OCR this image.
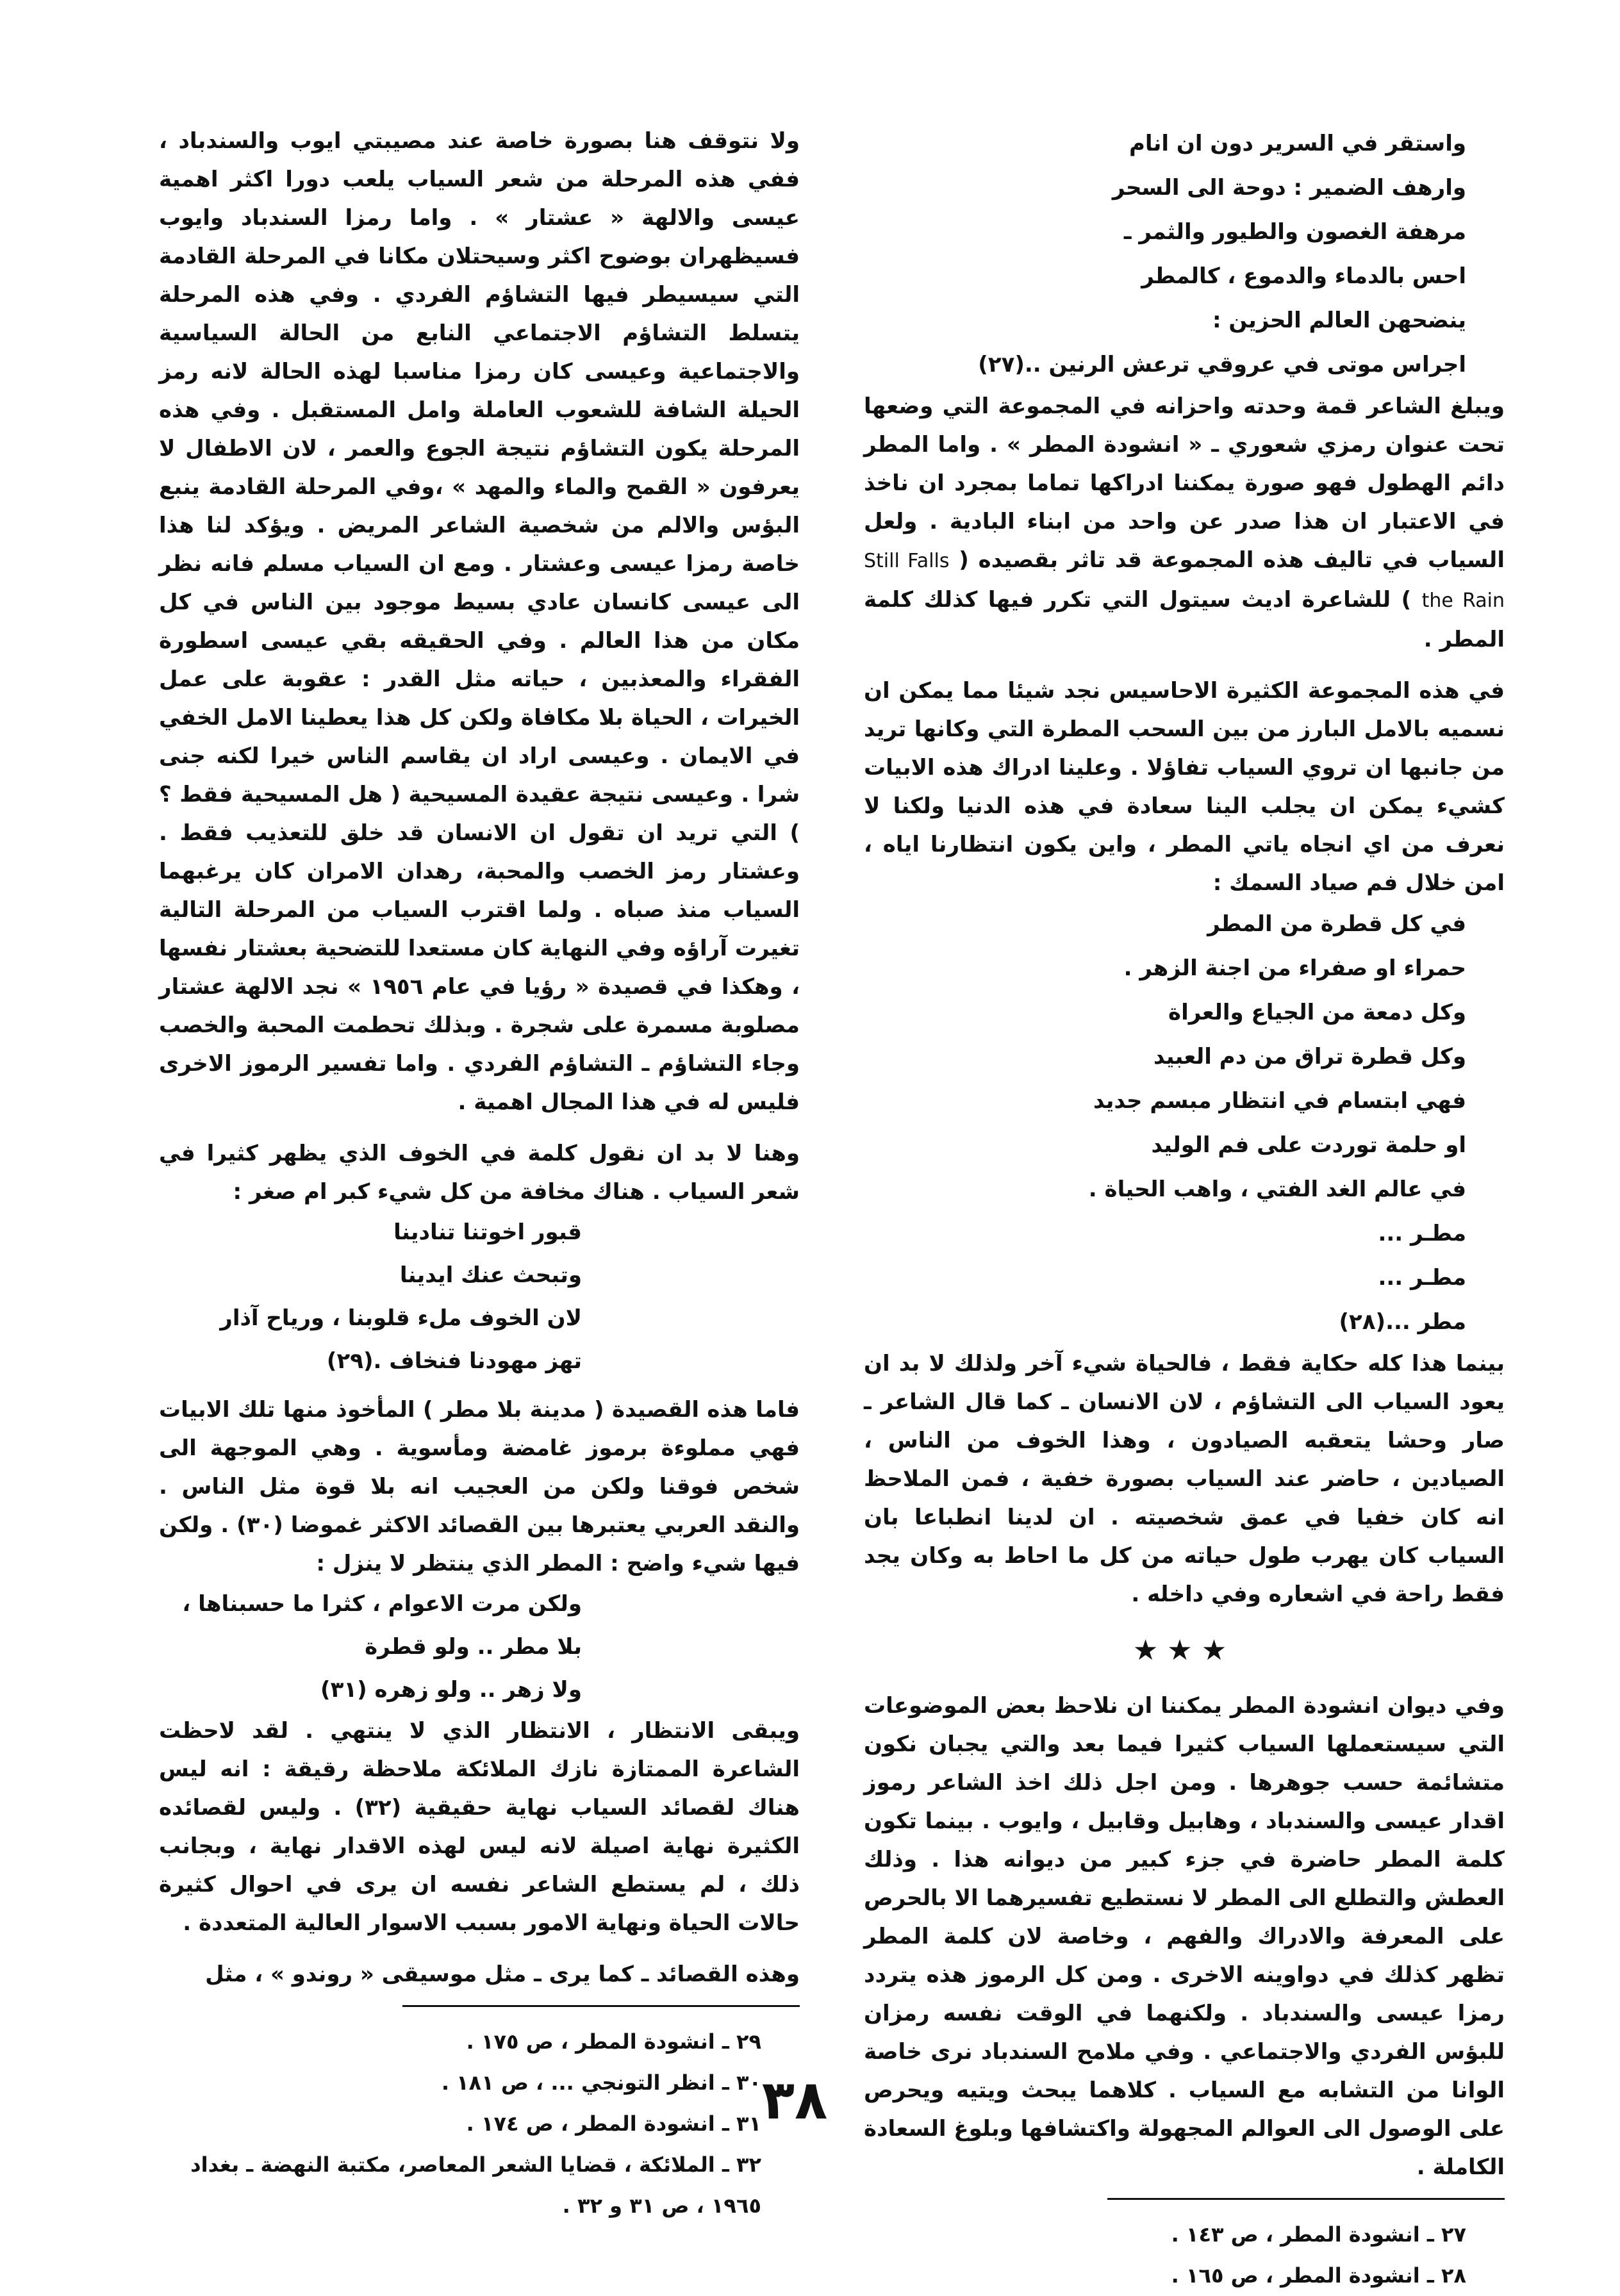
واستقر في السرير دون ان انام

وارهف الضمير : دوحة الى السحر

مرهفة الغصون والطيور والثمر ـ

احس بالدماء والدموع ، كالمطر

ينضحهن العالم الحزين :

اجراس موتى في عروقي ترعش الرنين ..(٢٧)

ويبلغ الشاعر قمة وحدته واحزانه في المجموعة التي وضعها تحت عنوان رمزي شعوري ـ « انشودة المطر » . واما المطر دائم الهطول فهو صورة يمكننا ادراكها تماما بمجرد ان ناخذ في الاعتبار ان هذا صدر عن واحد من ابناء البادية . ولعل السياب في تاليف هذه المجموعة قد تاثر بقصيده ( Still Falls the Rain ) للشاعرة اديث سيتول التي تكرر فيها كذلك كلمة المطر .

في هذه المجموعة الكثيرة الاحاسيس نجد شيئا مما يمكن ان نسميه بالامل البارز من بين السحب المطرة التي وكانها تريد من جانبها ان تروي السياب تفاؤلا . وعلينا ادراك هذه الابيات كشيء يمكن ان يجلب الينا سعادة في هذه الدنيا ولكنا لا نعرف من اي انجاه ياتي المطر ، واين يكون انتظارنا اياه ، امن خلال فم صياد السمك :

في كل قطرة من المطر

حمراء او صفراء من اجنة الزهر .

وكل دمعة من الجياع والعراة

وكل قطرة تراق من دم العبيد

فهي ابتسام في انتظار مبسم جديد

او حلمة توردت على فم الوليد

في عالم الغد الفتي ، واهب الحياة .

مطـر ...

مطـر ...

مطر ...(٢٨)

بينما هذا كله حكاية فقط ، فالحياة شيء آخر ولذلك لا بد ان يعود السياب الى التشاؤم ، لان الانسان ـ كما قال الشاعر ـ صار وحشا يتعقبه الصيادون ، وهذا الخوف من الناس ، الصيادين ، حاضر عند السياب بصورة خفية ، فمن الملاحظ انه كان خفيا في عمق شخصيته . ان لدينا انطباعا بان السياب كان يهرب طول حياته من كل ما احاط به وكان يجد فقط راحة في اشعاره وفي داخله .

★★★

وفي ديوان انشودة المطر يمكننا ان نلاحظ بعض الموضوعات التي سيستعملها السياب كثيرا فيما بعد والتي يجبان نكون متشائمة حسب جوهرها . ومن اجل ذلك اخذ الشاعر رموز اقدار عيسى والسندباد ، وهابيل وقابيل ، وايوب . بينما تكون كلمة المطر حاضرة في جزء كبير من ديوانه هذا . وذلك العطش والتطلع الى المطر لا نستطيع تفسيرهما الا بالحرص على المعرفة والادراك والفهم ، وخاصة لان كلمة المطر تظهر كذلك في دواوينه الاخرى . ومن كل الرموز هذه يتردد رمزا عيسى والسندباد . ولكنهما في الوقت نفسه رمزان للبؤس الفردي والاجتماعي . وفي ملامح السندباد نرى خاصة الوانا من التشابه مع السياب . كلاهما يبحث ويتيه ويحرص على الوصول الى العوالم المجهولة واكتشافها وبلوغ السعادة الكاملة .

٢٧ ـ انشودة المطر ، ص ١٤٣ .

٢٨ ـ انشودة المطر ، ص ١٦٥ .

ولا نتوقف هنا بصورة خاصة عند مصيبتي ايوب والسندباد ، ففي هذه المرحلة من شعر السياب يلعب دورا اكثر اهمية عيسى والالهة « عشتار » . واما رمزا السندباد وايوب فسيظهران بوضوح اكثر وسيحتلان مكانا في المرحلة القادمة التي سيسيطر فيها التشاؤم الفردي . وفي هذه المرحلة يتسلط التشاؤم الاجتماعي النابع من الحالة السياسية والاجتماعية وعيسى كان رمزا مناسبا لهذه الحالة لانه رمز الحيلة الشافة للشعوب العاملة وامل المستقبل . وفي هذه المرحلة يكون التشاؤم نتيجة الجوع والعمر ، لان الاطفال لا يعرفون « القمح والماء والمهد » ،وفي المرحلة القادمة ينبع البؤس والالم من شخصية الشاعر المريض . ويؤكد لنا هذا خاصة رمزا عيسى وعشتار . ومع ان السياب مسلم فانه نظر الى عيسى كانسان عادي بسيط موجود بين الناس في كل مكان من هذا العالم . وفي الحقيقه بقي عيسى اسطورة الفقراء والمعذبين ، حياته مثل القدر : عقوبة على عمل الخيرات ، الحياة بلا مكافاة ولكن كل هذا يعطينا الامل الخفي في الايمان . وعيسى اراد ان يقاسم الناس خيرا لكنه جنى شرا . وعيسى نتيجة عقيدة المسيحية ( هل المسيحية فقط ؟ ) التي تريد ان تقول ان الانسان قد خلق للتعذيب فقط . وعشتار رمز الخصب والمحبة، رهدان الامران كان يرغبهما السياب منذ صباه . ولما اقترب السياب من المرحلة التالية تغيرت آراؤه وفي النهاية كان مستعدا للتضحية بعشتار نفسها ، وهكذا في قصيدة « رؤيا في عام ١٩٥٦ » نجد الالهة عشتار مصلوبة مسمرة على شجرة . وبذلك تحطمت المحبة والخصب وجاء التشاؤم ـ التشاؤم الفردي . واما تفسير الرموز الاخرى فليس له في هذا المجال اهمية .

وهنا لا بد ان نقول كلمة في الخوف الذي يظهر كثيرا في شعر السياب . هناك مخافة من كل شيء كبر ام صغر :

قبور اخوتنا تنادينا

وتبحث عنك ايدينا

لان الخوف ملء قلوبنا ، ورياح آذار

تهز مهودنا فنخاف .(٢٩)

فاما هذه القصيدة ( مدينة بلا مطر ) المأخوذ منها تلك الابيات فهي مملوءة برموز غامضة ومأسوية . وهي الموجهة الى شخص فوقنا ولكن من العجيب انه بلا قوة مثل الناس . والنقد العربي يعتبرها بين القصائد الاكثر غموضا (٣٠) . ولكن فيها شيء واضح : المطر الذي ينتظر لا ينزل :

ولكن مرت الاعوام ، كثرا ما حسبناها ،

بلا مطر .. ولو قطرة

ولا زهر .. ولو زهره (٣١)

ويبقى الانتظار ، الانتظار الذي لا ينتهي . لقد لاحظت الشاعرة الممتازة نازك الملائكة ملاحظة رقيقة : انه ليس هناك لقصائد السياب نهاية حقيقية (٣٢) . وليس لقصائده الكثيرة نهاية اصيلة لانه ليس لهذه الاقدار نهاية ، وبجانب ذلك ، لم يستطع الشاعر نفسه ان يرى في احوال كثيرة حالات الحياة ونهاية الامور بسبب الاسوار العالية المتعددة .

وهذه القصائد ـ كما يرى ـ مثل موسيقى « روندو » ، مثل

٢٩ ـ انشودة المطر ، ص ١٧٥ .

٣٠ ـ انظر التونجي ... ، ص ١٨١ .

٣١ ـ انشودة المطر ، ص ١٧٤ .

٣٢ ـ الملائكة ، قضايا الشعر المعاصر، مكتبة النهضة ـ بغداد ١٩٦٥ ، ص ٣١ و ٣٢ .

٣٨
